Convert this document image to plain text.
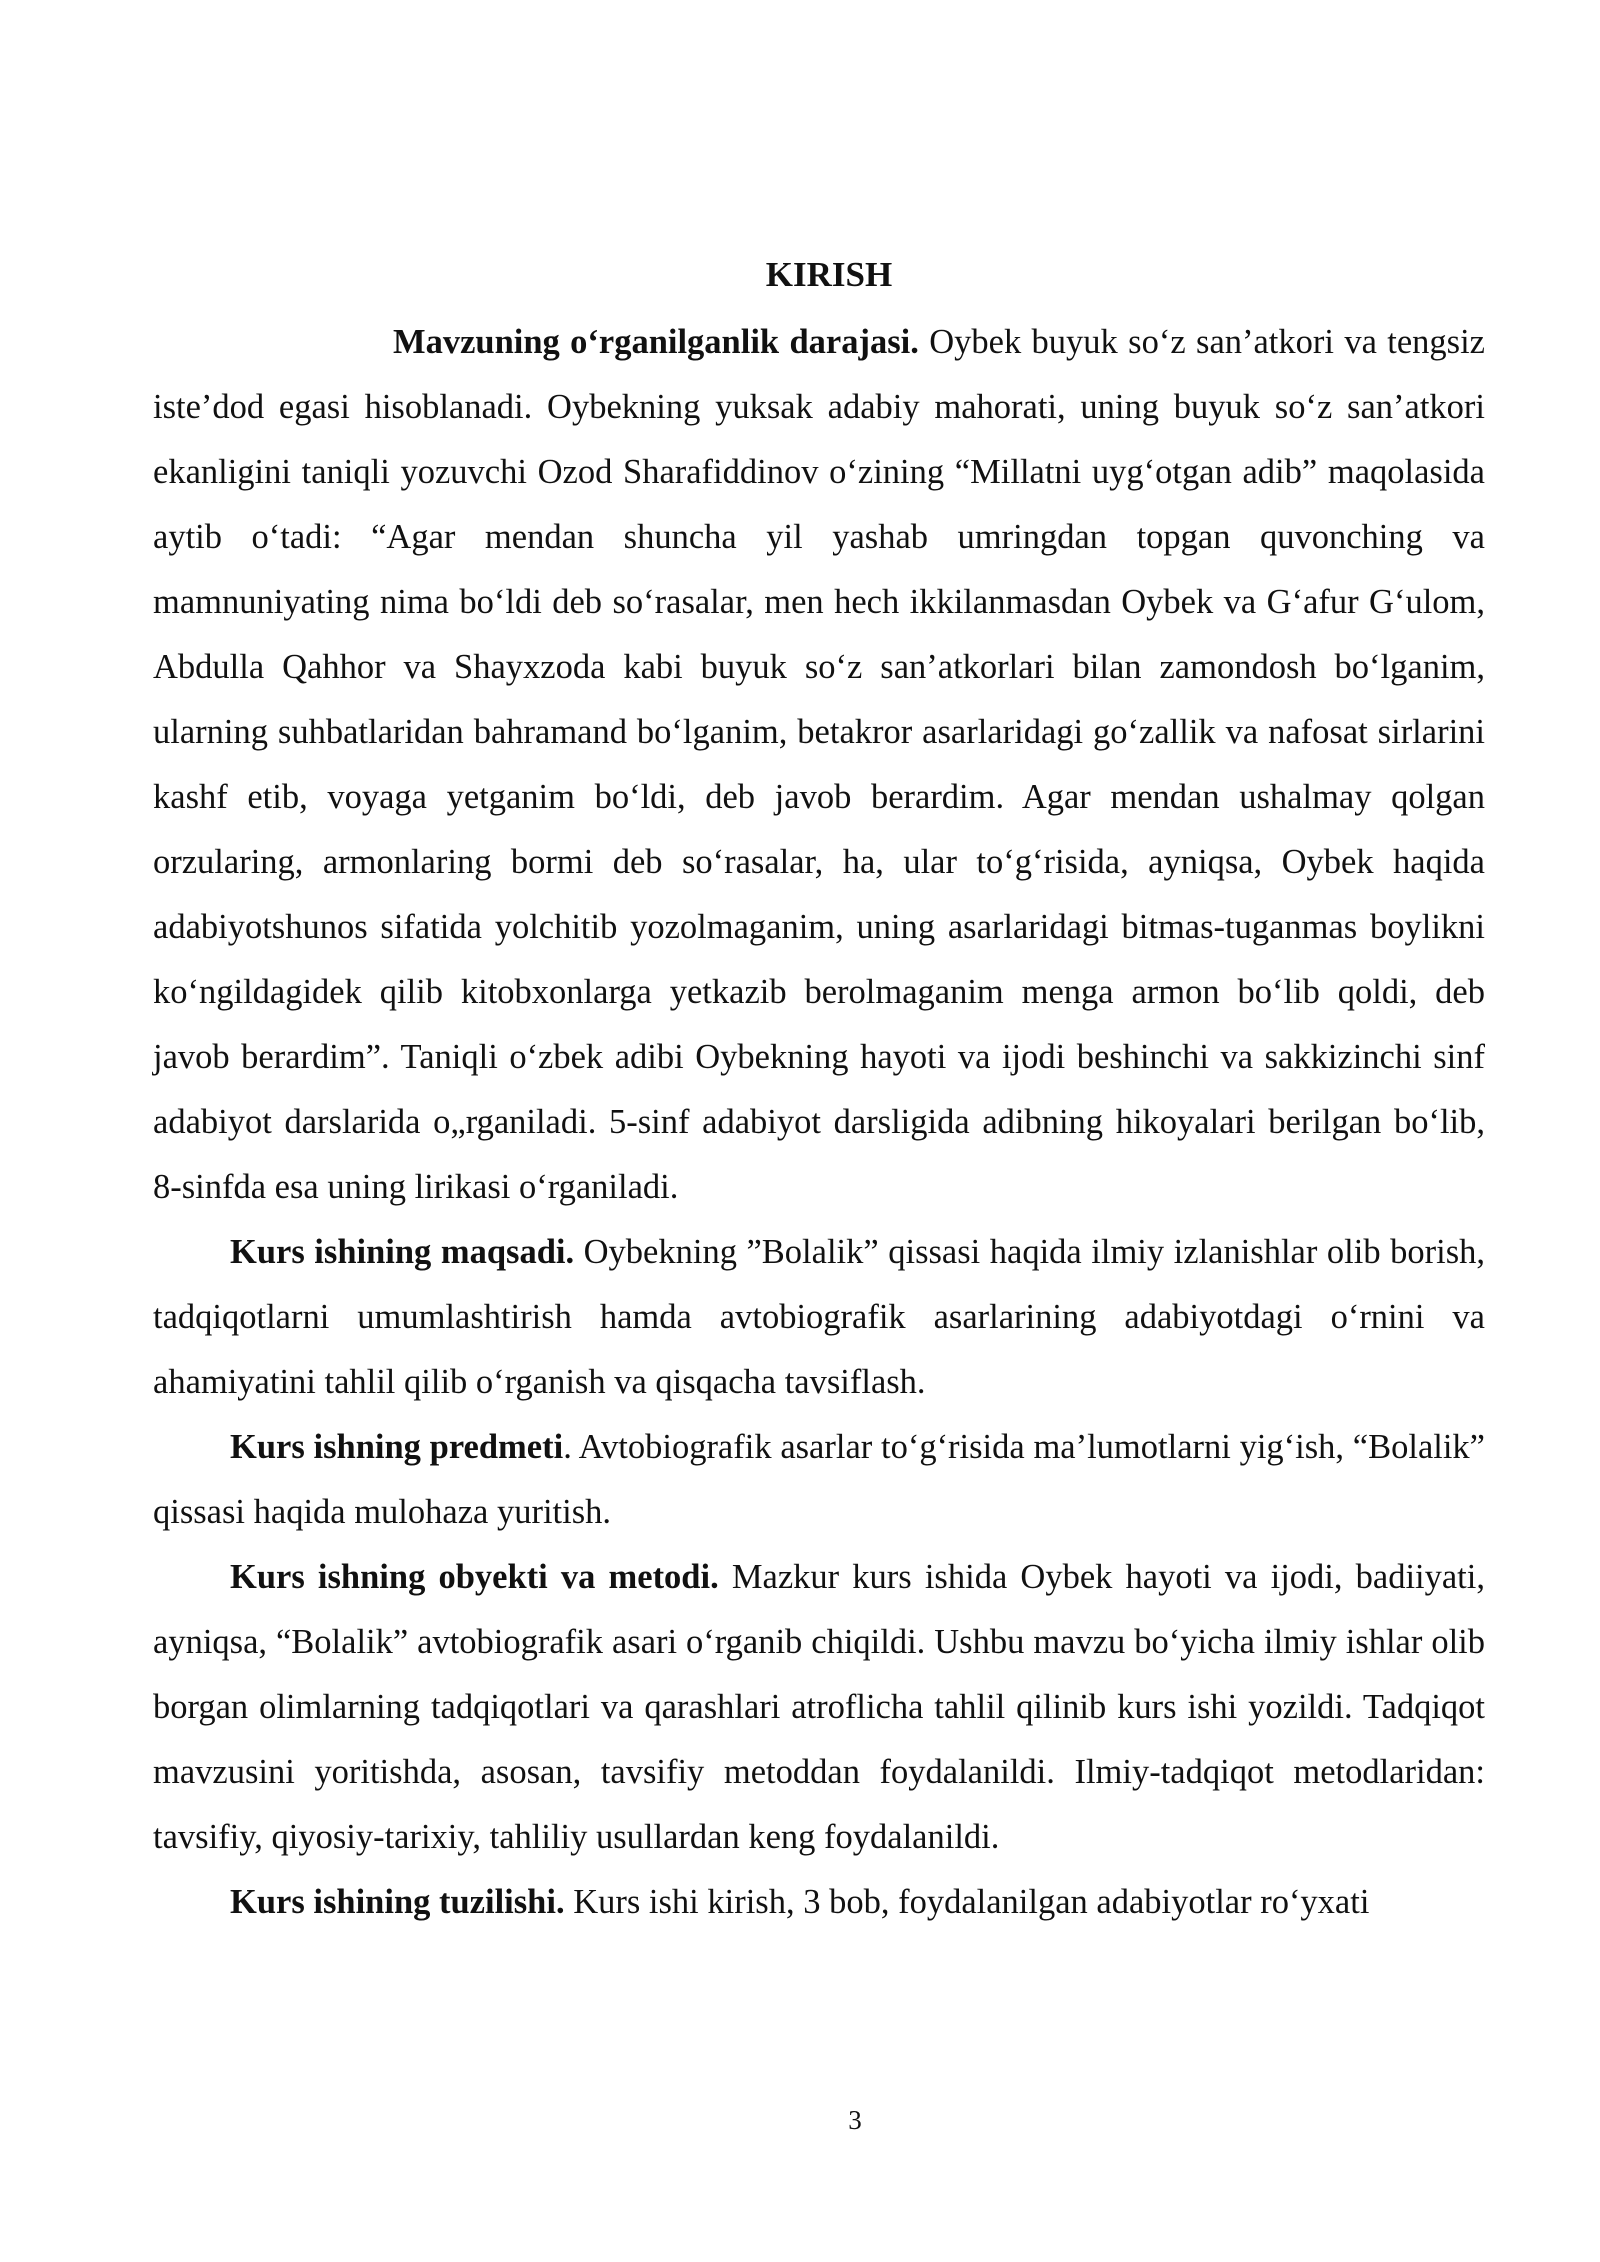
KIRISH

Mavzuning o‘rganilganlik darajasi. Oybek buyuk so‘z san’atkori va tengsiz iste’dod egasi hisoblanadi. Oybekning yuksak adabiy mahorati, uning buyuk so‘z san’atkori ekanligini taniqli yozuvchi Ozod Sharafiddinov o‘zining “Millatni uyg‘otgan adib” maqolasida aytib o‘tadi: “Agar mendan shuncha yil yashab umringdan topgan quvonching va mamnuniyating nima bo‘ldi deb so‘rasalar, men hech ikkilanmasdan Oybek va G‘afur G‘ulom, Abdulla Qahhor va Shayxzoda kabi buyuk so‘z san’atkorlari bilan zamondosh bo‘lganim, ularning suhbatlaridan bahramand bo‘lganim, betakror asarlaridagi go‘zallik va nafosat sirlarini kashf etib, voyaga yetganim bo‘ldi, deb javob berardim. Agar mendan ushalmay qolgan orzularing, armonlaring bormi deb so‘rasalar, ha, ular to‘g‘risida, ayniqsa, Oybek haqida adabiyotshunos sifatida yolchitib yozolmaganim, uning asarlaridagi bitmas-tuganmas boylikni ko‘ngildagidek qilib kitobxonlarga yetkazib berolmaganim menga armon bo‘lib qoldi, deb javob berardim”. Taniqli o‘zbek adibi Oybekning hayoti va ijodi beshinchi va sakkizinchi sinf adabiyot darslarida o„rganiladi. 5-sinf adabiyot darsligida adibning hikoyalari berilgan bo‘lib, 8-sinfda esa uning lirikasi o‘rganiladi.

Kurs ishining maqsadi. Oybekning ”Bolalik” qissasi haqida ilmiy izlanishlar olib borish, tadqiqotlarni umumlashtirish hamda avtobiografik asarlarining adabiyotdagi o‘rnini va ahamiyatini tahlil qilib o‘rganish va qisqacha tavsiflash.

Kurs ishning predmeti. Avtobiografik asarlar to‘g‘risida ma’lumotlarni yig‘ish, “Bolalik” qissasi haqida mulohaza yuritish.

Kurs ishning obyekti va metodi. Mazkur kurs ishida Oybek hayoti va ijodi, badiiyati, ayniqsa, “Bolalik” avtobiografik asari o‘rganib chiqildi. Ushbu mavzu bo‘yicha ilmiy ishlar olib borgan olimlarning tadqiqotlari va qarashlari atroflicha tahlil qilinib kurs ishi yozildi. Tadqiqot mavzusini yoritishda, asosan, tavsifiy metoddan foydalanildi. Ilmiy-tadqiqot metodlaridan: tavsifiy, qiyosiy-tarixiy, tahliliy usullardan keng foydalanildi.

Kurs ishining tuzilishi. Kurs ishi kirish, 3 bob, foydalanilgan adabiyotlar ro‘yxati

3
